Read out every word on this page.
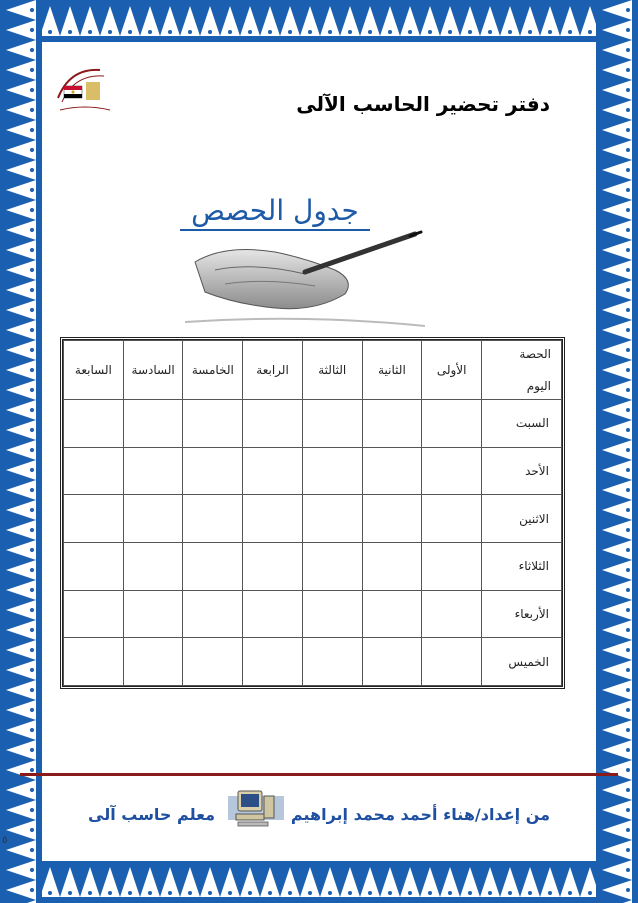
دفتر تحضير الحاسب الآلى
جدول الحصص
الحصة
اليوم	الأولى	الثانية	الثالثة	الرابعة	الخامسة	السادسة	السابعة
السبت							
الأحد							
الاثنين							
الثلاثاء							
الأربعاء							
الخميس							
من إعداد/هناء أحمد محمد إبراهيم
معلم حاسب آلى
٥
